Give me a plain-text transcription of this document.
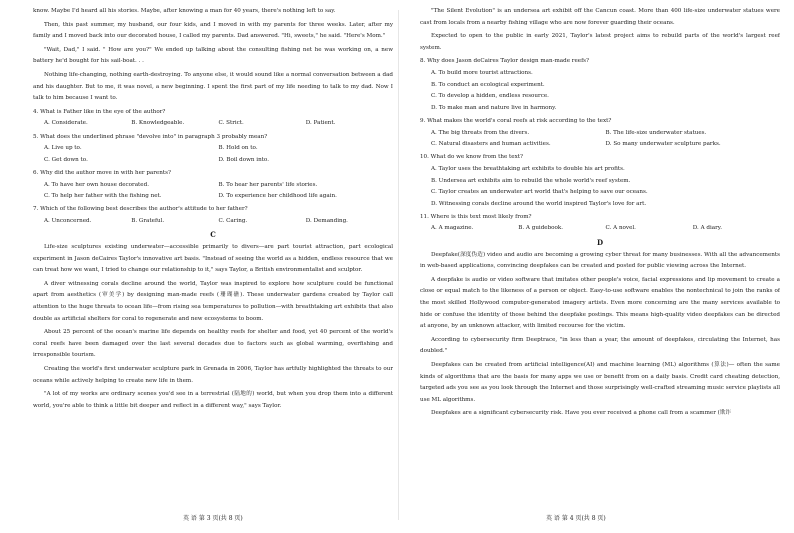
know. Maybe I'd heard all his stories. Maybe, after knowing a man for 40 years, there's nothing left to say.

Then, this past summer, my husband, our four kids, and I moved in with my parents for three weeks. Later, after my family and I moved back into our decorated house, I called my parents. Dad answered. "Hi, sweets," he said. "Here's Mom."

"Wait, Dad," I said. " How are you?" We ended up talking about the consulting fishing net he was working on, a new battery he'd bought for his sail-boat. . .

Nothing life-changing, nothing earth-destroying. To anyone else, it would sound like a normal conversation between a dad and his daughter. But to me, it was novel, a new beginning. I spent the first part of my life needing to talk to my dad. Now I talk to him because I want to.

4. What is Father like in the eye of the author?

A. Considerate.	B. Knowledgeable.	C. Strict.	D. Patient.

5. What does the underlined phrase "devolve into" in paragraph 3 probably mean?

A. Live up to.	B. Hold on to.
C. Get down to.	D. Boil down into.

6. Why did the author move in with her parents?

A. To have her own house decorated.	B. To hear her parents' life stories.
C. To help her father with the fishing net.	D. To experience her childhood life again.

7. Which of the following best describes the author's attitude to her father?

A. Unconcerned.	B. Grateful.	C. Caring.	D. Demanding.
C

Life-size sculptures existing underwater—accessible primarily to divers—are part tourist attraction, part ecological experiment in Jason deCaires Taylor's innovative art basis. "Instead of seeing the world as a hidden, endless resource that we can treat how we want, I tried to change our relationship to it," says Taylor, a British environmentalist and sculptor.

A diver witnessing corals decline around the world, Taylor was inspired to explore how sculpture could be functional apart from aesthetics (审美学) by designing man-made reefs (珊瑚礁). These underwater gardens created by Taylor call attention to the huge threats to ocean life—from rising sea temperatures to pollution—with breathtaking art exhibits that also double as artificial shelters for coral to regenerate and new ecosystems to boom.

About 25 percent of the ocean's marine life depends on healthy reefs for shelter and food, yet 40 percent of the world's coral reefs have been damaged over the last several decades due to factors such as global warming, overfishing and irresponsible tourism.

Creating the world's first underwater sculpture park in Grenada in 2006, Taylor has artfully highlighted the threats to our oceans while actively helping to create new life in them.

"A lot of my works are ordinary scenes you'd see in a terrestrial (陆地的) world, but when you drop them into a different world, you're able to think a little bit deeper and reflect in a different way," says Taylor.

"The Silent Evolution" is an undersea art exhibit off the Cancun coast. More than 400 life-size underwater statues were cast from locals from a nearby fishing village who are now forever guarding their oceans.

Expected to open to the public in early 2021, Taylor's latest project aims to rebuild parts of the world's largest reef system.

8. Why does Jason deCaires Taylor design man-made reefs?

A. To build more tourist attractions.
B. To conduct an ecological experiment.
C. To develop a hidden, endless resource.
D. To make man and nature live in harmony.

9. What makes the world's coral reefs at risk according to the text?

A. The big threats from the divers.	B. The life-size underwater statues.
C. Natural disasters and human activities.	D. So many underwater sculpture parks.

10. What do we know from the text?

A. Taylor uses the breathtaking art exhibits to double his art profits.
B. Undersea art exhibits aim to rebuild the whole world's reef system.
C. Taylor creates an underwater art world that's helping to save our oceans.
D. Witnessing corals decline around the world inspired Taylor's love for art.

11. Where is this text most likely from?

A. A magazine.	B. A guidebook.	C. A novel.	D. A diary.
D

Deepfake(深度伪造) video and audio are becoming a growing cyber threat for many businesses. With all the advancements in web-based applications, convincing deepfakes can be created and posted for public viewing across the Internet.

A deepfake is audio or video software that imitates other people's voice, facial expressions and lip movement to create a close or equal match to the likeness of a person or object. Easy-to-use software enables the nontechnical to join the ranks of the most skilled Hollywood computer-generated imagery artists. Even more concerning are the many services available to hide or confuse the identity of those behind the deepfake postings. This means high-quality video deepfakes can be directed at anyone, by an unknown attacker, with limited recourse for the victim.

According to cybersecurity firm Deeptrace, "in less than a year, the amount of deepfakes, circulating the Internet, has doubled."

Deepfakes can be created from artificial intelligence(AI) and machine learning (ML) algorithms (算法)— often the same kinds of algorithms that are the basis for many apps we use or benefit from on a daily basis. Credit card cheating detection, targeted ads you see as you look through the Internet and those surprisingly well-crafted streaming music service playlists all use ML algorithms.

Deepfakes are a significant cybersecurity risk. Have you ever received a phone call from a scammer (欺诈

英 语 第 3 页(共 8 页)	英 语 第 4 页(共 8 页)
